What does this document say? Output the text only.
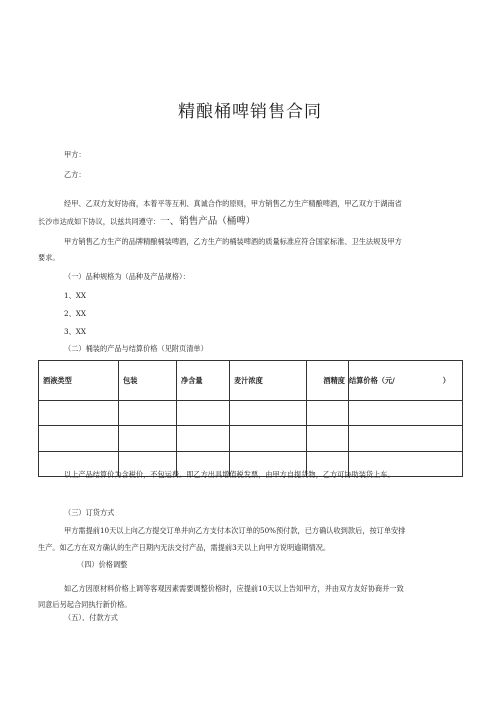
精酿桶啤销售合同
甲方：
乙方：
经甲、乙双方友好协商，本着平等互利、真诚合作的原则，甲方销售乙方生产精酿啤酒，甲乙双方于湖南省
长沙市达成如下协议，以兹共同遵守：一、销售产品（桶啤）
甲方销售乙方生产的品牌精酿桶装啤酒，乙方生产的桶装啤酒的质量标准应符合国家标准、卫生法规及甲方
要求。
（一）品种规格为（品种及产品规格）：
1、XX
2、XX
3、XX
（二）桶装的产品与结算价格（见附页清单）
酒液类型	包装	净含量	麦汁浓度	酒精度	结算价格（元/ ）

以上产品结算价为含税价，不包运费。即乙方出具增值税发票，由甲方自提货物，乙方可协助装货上车。
（三）订货方式
甲方需提前10天以上向乙方提交订单并向乙方支付本次订单的50%预付款，已方确认收到款后，按订单安排
生产。如乙方在双方确认的生产日期内无法交付产品，需提前3天以上向甲方说明逾期情况。
（四）价格调整
如乙方因原材料价格上调等客观因素需要调整价格时，应提前10天以上告知甲方，并由双方友好协商并一致
同意后另起合同执行新价格。
（五）、付款方式
